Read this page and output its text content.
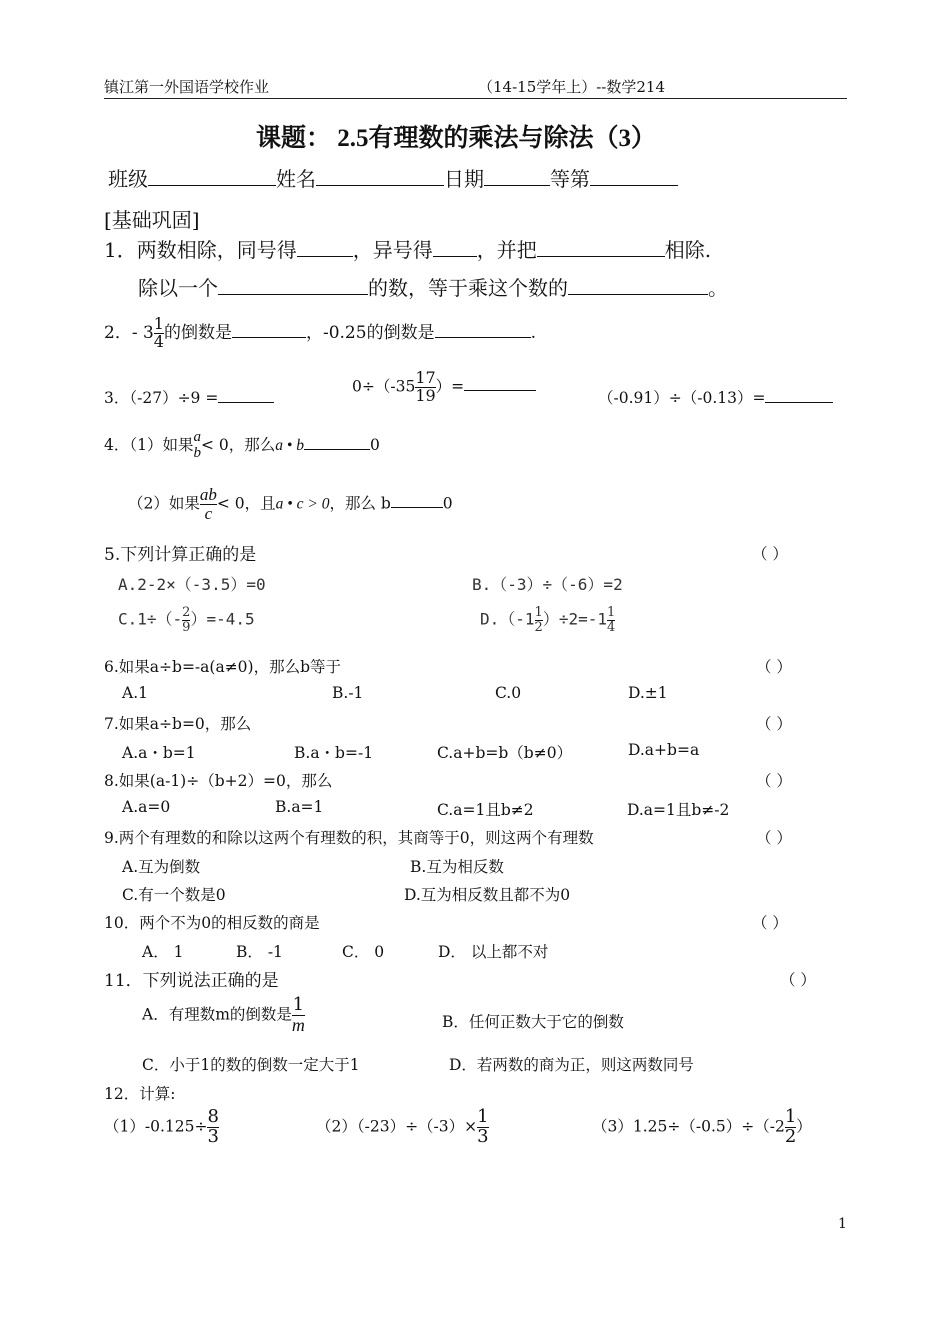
镇江第一外国语学校作业	（14-15学年上）--数学214
课题： 2.5有理数的乘法与除法（3）
班级	姓名	日期	等第
[基础巩固]
1．两数相除，同号得	，异号得 ，并把	相除.
除以一个	的数，等于乘这个数的	。
2．- $3 \frac{1}{4}$ 的倒数是	，-0.25的倒数是	.
3．（-27）÷9 =
$0\div(-35 \frac{17}{19}$ ）=
（-0.91）÷（-0.13）=
4．（1）如果 a
b < 0，那么a • b	0
（2）如果 $\frac{ab}{c} < 0$，且a • c > 0，那么 b	0
5.下列计算正确的是	（ ）
A.2-2×（-3.5）=0	B.（-3）÷（-6）=2
$C.1\div(- \frac{2}{9} )=-4.5$	$D.(-1 \frac{1}{2} )\div 2=-1 \frac{1}{4}$
6.如果a÷b=-a(a≠0)，那么b等于	（ ）
A.1	B.-1	C.0	D.±1
7.如果a÷b=0，那么	（ ）
A.a・b=1	B.a・b=-1	C.a+b=b（b≠0）	D.a+b=a
8.如果(a-1)÷（b+2）=0，那么	（ ）
A.a=0	B.a=1	C.a=1且b≠2	D.a=1且b≠-2
9.两个有理数的和除以这两个有理数的积，其商等于0，则这两个有理数	（ ）
A.互为倒数	B.互为相反数
C.有一个数是0	D.互为相反数且都不为0
10．两个不为0的相反数的商是	（ ）
A． 1	B． -1	C． 0	D． 以上都不对
11．下列说法正确的是	（ ）
A．有理数m的倒数是 $\frac{1}{m}$	B．任何正数大于它的倒数
C．小于1的数的倒数一定大于1	D．若两数的商为正，则这两数同号
12．计算:
$(1)-0.125\div \frac{8}{3}$	$(2)(-23)\div(-3)\times \frac{1}{3}$	$(3)1.25\div(-0.5)\div(-2 \frac{1}{2}$ ）
1
